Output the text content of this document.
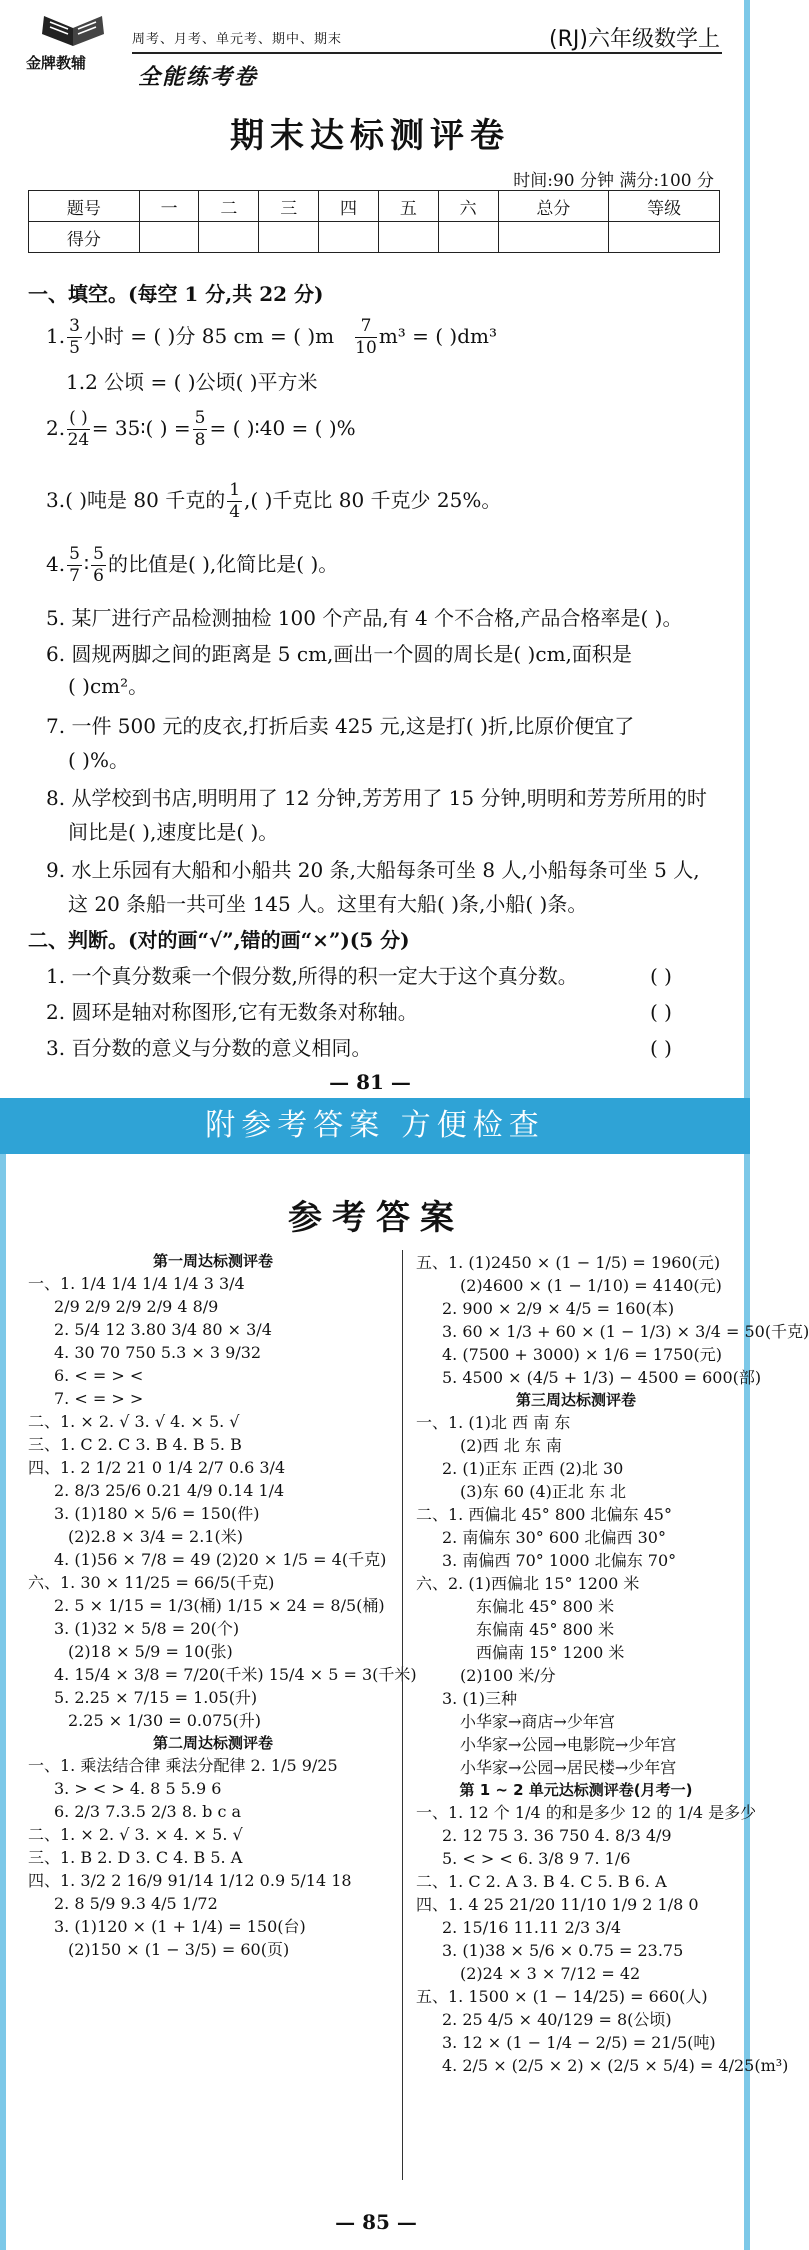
金牌教辅
周考、月考、单元考、期中、期末	(RJ)六年级数学上
全能练考卷
期末达标测评卷
时间:90 分钟 满分:100 分
题号	一	二	三	四	五	六	总分	等级
得分								
一、填空。(每空 1 分,共 22 分)
1. $\frac{3}{5}$ 小时 = ( )分 85 cm = ( )$m \frac{7}{10} m^3$ = ( )dm³
1.2 公顷 = ( )公顷( )平方米
2. $\frac{( )}{24}$ = 35∶( ) = $\frac{5}{8}$ = ( )∶40 = ( )%
3.( )吨是 80 千克的 $\frac{1}{4}$ ,( )千克比 80 千克少 25%。
4. $\frac{5}{7}$ ∶ $\frac{5}{6}$ 的比值是( ),化简比是( )。
5. 某厂进行产品检测抽检 100 个产品,有 4 个不合格,产品合格率是( )。
6. 圆规两脚之间的距离是 5 cm,画出一个圆的周长是( )cm,面积是
( )cm²。
7. 一件 500 元的皮衣,打折后卖 425 元,这是打( )折,比原价便宜了
( )%。
8. 从学校到书店,明明用了 12 分钟,芳芳用了 15 分钟,明明和芳芳所用的时
间比是( ),速度比是( )。
9. 水上乐园有大船和小船共 20 条,大船每条可坐 8 人,小船每条可坐 5 人,
这 20 条船一共可坐 145 人。这里有大船( )条,小船( )条。
二、判断。(对的画“√”,错的画“×”)(5 分)
1. 一个真分数乘一个假分数,所得的积一定大于这个真分数。	( )
2. 圆环是轴对称图形,它有无数条对称轴。	( )
3. 百分数的意义与分数的意义相同。	( )
— 81 —
附参考答案 方便检查
参考答案
第一周达标测评卷
一、1. 1/4 1/4 1/4 1/4 3 3/4
2/9 2/9 2/9 2/9 4 8/9
2. 5/4 12 3.80 3/4 80 × 3/4
4. 30 70 750 5.3 × 3 9/32
6. < = > <
7. < = > >
二、1. × 2. √ 3. √ 4. × 5. √
三、1. C 2. C 3. B 4. B 5. B
四、1. 2 1/2 21 0 1/4 2/7 0.6 3/4
2. 8/3 25/6 0.21 4/9 0.14 1/4
3. (1)180 × 5/6 = 150(件)
(2)2.8 × 3/4 = 2.1(米)
4. (1)56 × 7/8 = 49 (2)20 × 1/5 = 4(千克)
六、1. 30 × 11/25 = 66/5(千克)
2. 5 × 1/15 = 1/3(桶) 1/15 × 24 = 8/5(桶)
3. (1)32 × 5/8 = 20(个)
(2)18 × 5/9 = 10(张)
4. 15/4 × 3/8 = 7/20(千米) 15/4 × 5 = 3(千米)
5. 2.25 × 7/15 = 1.05(升)
2.25 × 1/30 = 0.075(升)
第二周达标测评卷
一、1. 乘法结合律 乘法分配律 2. 1/5 9/25
3. > < > 4. 8 5 5.9 6
6. 2/3 7.3.5 2/3 8. b c a
二、1. × 2. √ 3. × 4. × 5. √
三、1. B 2. D 3. C 4. B 5. A
四、1. 3/2 2 16/9 91/14 1/12 0.9 5/14 18
2. 8 5/9 9.3 4/5 1/72
3. (1)120 × (1 + 1/4) = 150(台)
(2)150 × (1 − 3/5) = 60(页)
五、1. (1)2450 × (1 − 1/5) = 1960(元)
(2)4600 × (1 − 1/10) = 4140(元)
2. 900 × 2/9 × 4/5 = 160(本)
3. 60 × 1/3 + 60 × (1 − 1/3) × 3/4 = 50(千克)
4. (7500 + 3000) × 1/6 = 1750(元)
5. 4500 × (4/5 + 1/3) − 4500 = 600(部)
第三周达标测评卷
一、1. (1)北 西 南 东
(2)西 北 东 南
2. (1)正东 正西 (2)北 30
(3)东 60 (4)正北 东 北
二、1. 西偏北 45° 800 北偏东 45°
2. 南偏东 30° 600 北偏西 30°
3. 南偏西 70° 1000 北偏东 70°
六、2. (1)西偏北 15° 1200 米
东偏北 45° 800 米
东偏南 45° 800 米
西偏南 15° 1200 米
(2)100 米/分
3. (1)三种
小华家→商店→少年宫
小华家→公园→电影院→少年宫
小华家→公园→居民楼→少年宫
第 1 ~ 2 单元达标测评卷(月考一)
一、1. 12 个 1/4 的和是多少 12 的 1/4 是多少
2. 12 75 3. 36 750 4. 8/3 4/9
5. < > < 6. 3/8 9 7. 1/6
二、1. C 2. A 3. B 4. C 5. B 6. A
四、1. 4 25 21/20 11/10 1/9 2 1/8 0
2. 15/16 11.11 2/3 3/4
3. (1)38 × 5/6 × 0.75 = 23.75
(2)24 × 3 × 7/12 = 42
五、1. 1500 × (1 − 14/25) = 660(人)
2. 25 4/5 × 40/129 = 8(公顷)
3. 12 × (1 − 1/4 − 2/5) = 21/5(吨)
4. 2/5 × (2/5 × 2) × (2/5 × 5/4) = 4/25(m³)
— 85 —
